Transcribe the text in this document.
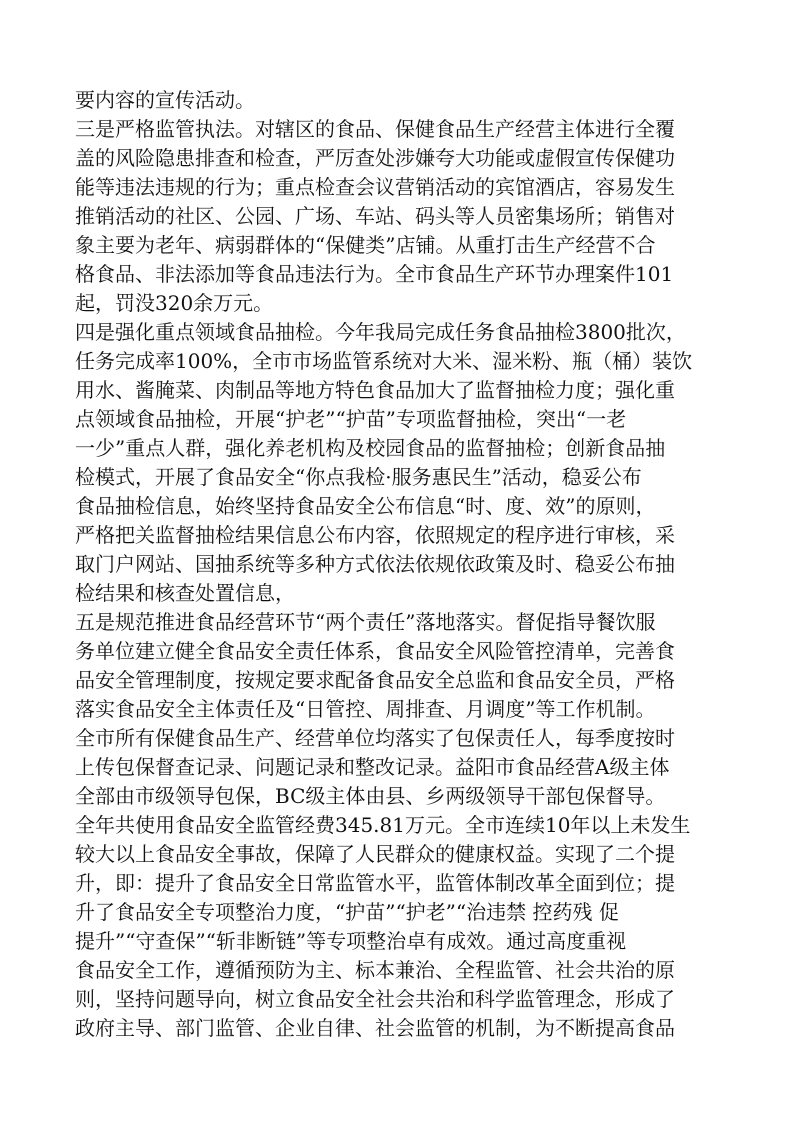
要内容的宣传活动。
三是严格监管执法。对辖区的食品、保健食品生产经营主体进行全覆
盖的风险隐患排查和检查，严厉查处涉嫌夸大功能或虚假宣传保健功
能等违法违规的行为；重点检查会议营销活动的宾馆酒店，容易发生
推销活动的社区、公园、广场、车站、码头等人员密集场所；销售对
象主要为老年、病弱群体的“保健类”店铺。从重打击生产经营不合
格食品、非法添加等食品违法行为。全市食品生产环节办理案件101
起，罚没320余万元。
四是强化重点领域食品抽检。今年我局完成任务食品抽检3800批次，
任务完成率100%，全市市场监管系统对大米、湿米粉、瓶（桶）装饮
用水、酱腌菜、肉制品等地方特色食品加大了监督抽检力度；强化重
点领域食品抽检，开展“护老”“护苗”专项监督抽检，突出“一老
一少”重点人群，强化养老机构及校园食品的监督抽检；创新食品抽
检模式，开展了食品安全“你点我检·服务惠民生”活动，稳妥公布
食品抽检信息，始终坚持食品安全公布信息“时、度、效”的原则，
严格把关监督抽检结果信息公布内容，依照规定的程序进行审核，采
取门户网站、国抽系统等多种方式依法依规依政策及时、稳妥公布抽
检结果和核查处置信息，
五是规范推进食品经营环节“两个责任”落地落实。督促指导餐饮服
务单位建立健全食品安全责任体系，食品安全风险管控清单，完善食
品安全管理制度，按规定要求配备食品安全总监和食品安全员，严格
落实食品安全主体责任及“日管控、周排查、月调度”等工作机制。
全市所有保健食品生产、经营单位均落实了包保责任人，每季度按时
上传包保督查记录、问题记录和整改记录。益阳市食品经营A级主体
全部由市级领导包保，BC级主体由县、乡两级领导干部包保督导。
全年共使用食品安全监管经费345.81万元。全市连续10年以上未发生
较大以上食品安全事故，保障了人民群众的健康权益。实现了二个提
升，即：提升了食品安全日常监管水平，监管体制改革全面到位；提
升了食品安全专项整治力度，“护苗”“护老”“治违禁 控药残 促
提升”“守查保”“斩非断链”等专项整治卓有成效。通过高度重视
食品安全工作，遵循预防为主、标本兼治、全程监管、社会共治的原
则，坚持问题导向，树立食品安全社会共治和科学监管理念，形成了
政府主导、部门监管、企业自律、社会监管的机制，为不断提高食品
